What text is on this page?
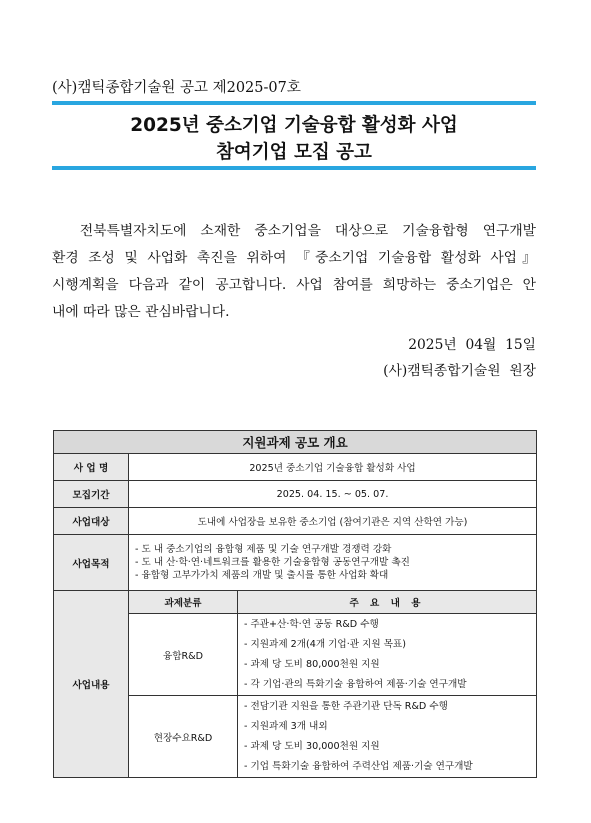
(사)캠틱종합기술원 공고 제2025-07호
2025년 중소기업 기술융합 활성화 사업
참여기업 모집 공고

전북특별자치도에 소재한 중소기업을 대상으로 기술융합형 연구개발

환경 조성 및 사업화 촉진을 위하여 『중소기업 기술융합 활성화 사업』

시행계획을 다음과 같이 공고합니다. 사업 참여를 희망하는 중소기업은 안

내에 따라 많은 관심바랍니다.

2025년  04월  15일
(사)캠틱종합기술원  원장
지원과제 공모 개요		
사 업 명	2025년 중소기업 기술융합 활성화 사업	
모집기간	2025. 04. 15. ~ 05. 07.	
사업대상	도내에 사업장을 보유한 중소기업 (참여기관은 지역 산학연 가능)	
사업목적	- 도 내 중소기업의 융합형 제품 및 기술 연구개발 경쟁력 강화
- 도 내 산·학·연·네트워크를 활용한 기술융합형 공동연구개발 촉진
- 융합형 고부가가치 제품의 개발 및 출시를 통한 사업화 확대	

사업내용	과제분류	주 요 내 용
	융합R&D	- 주관+산·학·연 공동 R&D 수행
- 지원과제 2개(4개 기업·관 지원 목표)
- 과제 당 도비 80,000천원 지원
- 각 기업·관의 특화기술 융합하여 제품·기술 연구개발

	현장수요R&D	- 전담기관 지원을 통한 주관기관 단독 R&D 수행
- 지원과제 3개 내외
- 과제 당 도비 30,000천원 지원
- 기업 특화기술 융합하여 주력산업 제품·기술 연구개발
